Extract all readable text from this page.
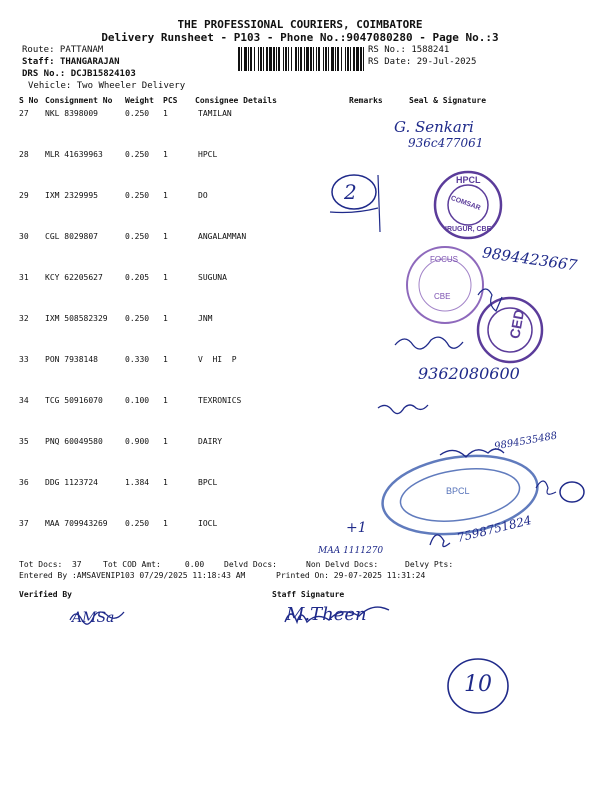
THE PROFESSIONAL COURIERS, COIMBATORE
Delivery Runsheet - P103 - Phone No.:9047080280 - Page No.:3
Route: PATTANAM
Staff: THANGARAJAN
DRS No.: DCJB15824103
Vehicle: Two Wheeler Delivery
RS No.: 1588241
RS Date: 29-Jul-2025
S No Consignment No Weight PCS Consignee Details	Remarks	Seal & Signature
27 NKL 8398009	0.250 1	TAMILAN
28 MLR 41639963	0.250 1	HPCL
29 IXM 2329995	0.250 1	DO
30 CGL 8029807	0.250 1	ANGALAMMAN
31 KCY 62205627	0.205 1	SUGUNA
32 IXM 508582329 0.250 1	JNM
33 PON 7938148	0.330 1	V  HI  P
34 TCG 50916070	0.100 1	TEXRONICS
35 PNQ 60049580	0.900 1	DAIRY
36 DDG 1123724	1.384 1	BPCL
37 MAA 709943269 0.250 1	IOCL
Tot Docs:  37	Tot COD Amt:     0.00 Delvd Docs:	Non Delvd Docs:	Delvy Pts:
Entered By :AMSAVENIP103 07/29/2025 11:18:43 AM	Printed On: 29-07-2025 11:31:24
Verified By	Staff Signature
G. Senkari
936c477061
2
9894423667
9362080600
9894535488
7598751824
MAA 1111270
+1
AMSa	M.Theen
10
HPCL
COMSAR
IRUGUR, CBE
FOCUS
CBE
CED
BPCL
